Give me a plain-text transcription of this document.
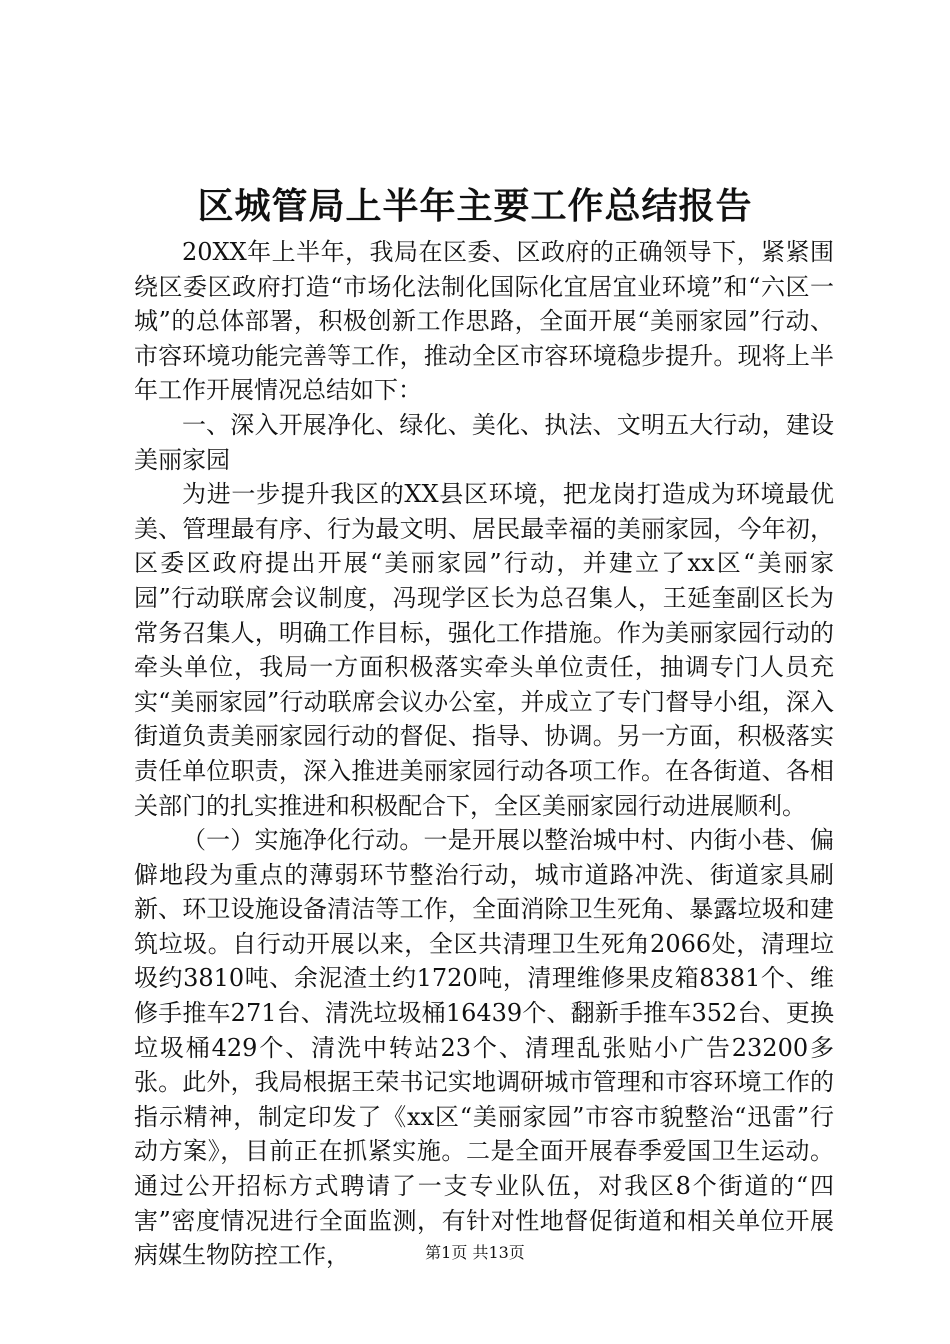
区城管局上半年主要工作总结报告

20XX年上半年，我局在区委、区政府的正确领导下，紧紧围绕区委区政府打造“市场化法制化国际化宜居宜业环境”和“六区一城”的总体部署，积极创新工作思路，全面开展“美丽家园”行动、市容环境功能完善等工作，推动全区市容环境稳步提升。现将上半年工作开展情况总结如下：

一、深入开展净化、绿化、美化、执法、文明五大行动，建设美丽家园

为进一步提升我区的XX县区环境，把龙岗打造成为环境最优美、管理最有序、行为最文明、居民最幸福的美丽家园，今年初，区委区政府提出开展“美丽家园”行动，并建立了xx区“美丽家园”行动联席会议制度，冯现学区长为总召集人，王延奎副区长为常务召集人，明确工作目标，强化工作措施。作为美丽家园行动的牵头单位，我局一方面积极落实牵头单位责任，抽调专门人员充实“美丽家园”行动联席会议办公室，并成立了专门督导小组，深入街道负责美丽家园行动的督促、指导、协调。另一方面，积极落实责任单位职责，深入推进美丽家园行动各项工作。在各街道、各相关部门的扎实推进和积极配合下，全区美丽家园行动进展顺利。

（一）实施净化行动。一是开展以整治城中村、内街小巷、偏僻地段为重点的薄弱环节整治行动，城市道路冲洗、街道家具刷新、环卫设施设备清洁等工作，全面消除卫生死角、暴露垃圾和建筑垃圾。自行动开展以来，全区共清理卫生死角2066处，清理垃圾约3810吨、余泥渣土约1720吨，清理维修果皮箱8381个、维修手推车271台、清洗垃圾桶16439个、翻新手推车352台、更换垃圾桶429个、清洗中转站23个、清理乱张贴小广告23200多张。此外，我局根据王荣书记实地调研城市管理和市容环境工作的指示精神，制定印发了《xx区“美丽家园”市容市貌整治“迅雷”行动方案》，目前正在抓紧实施。二是全面开展春季爱国卫生运动。通过公开招标方式聘请了一支专业队伍，对我区8个街道的“四害”密度情况进行全面监测，有针对性地督促街道和相关单位开展病媒生物防控工作，	第1页 共13页
